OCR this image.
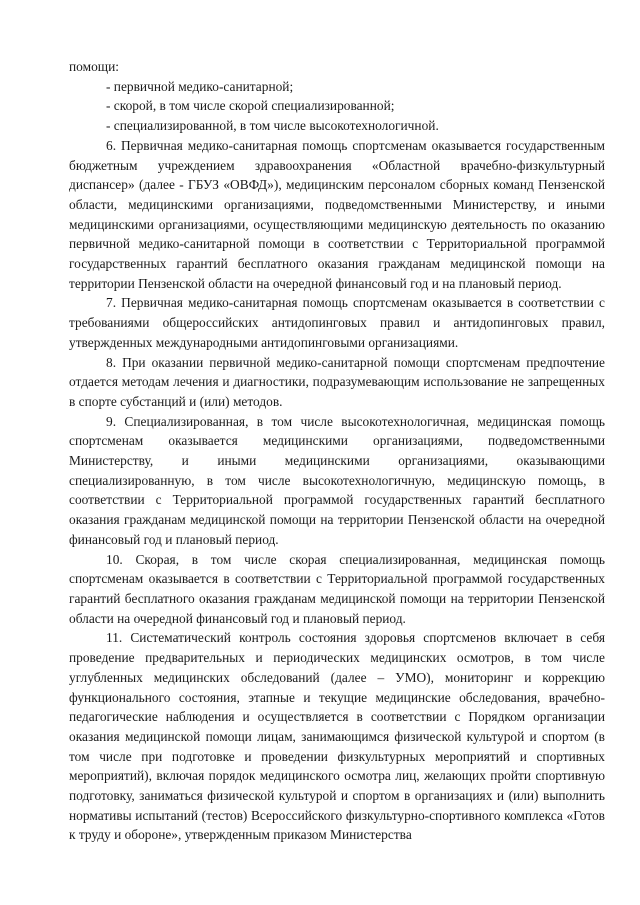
помощи:

- первичной медико-санитарной;

- скорой, в том числе скорой специализированной;

- специализированной, в том числе высокотехнологичной.

6. Первичная медико-санитарная помощь спортсменам оказывается государственным бюджетным учреждением здравоохранения «Областной врачебно-физкультурный диспансер» (далее - ГБУЗ «ОВФД»), медицинским персоналом сборных команд Пензенской области, медицинскими организациями, подведомственными Министерству, и иными медицинскими организациями, осуществляющими медицинскую деятельность по оказанию первичной медико-санитарной помощи в соответствии с Территориальной программой государственных гарантий бесплатного оказания гражданам медицинской помощи на территории Пензенской области на очередной финансовый год и на плановый период.

7. Первичная медико-санитарная помощь спортсменам оказывается в соответствии с требованиями общероссийских антидопинговых правил и антидопинговых правил, утвержденных международными антидопинговыми организациями.

8. При оказании первичной медико-санитарной помощи спортсменам предпочтение отдается методам лечения и диагностики, подразумевающим использование не запрещенных в спорте субстанций и (или) методов.

9. Специализированная, в том числе высокотехнологичная, медицинская помощь спортсменам оказывается медицинскими организациями, подведомственными Министерству, и иными медицинскими организациями, оказывающими специализированную, в том числе высокотехнологичную, медицинскую помощь, в соответствии с Территориальной программой государственных гарантий бесплатного оказания гражданам медицинской помощи на территории Пензенской области на очередной финансовый год и плановый период.

10. Скорая, в том числе скорая специализированная, медицинская помощь спортсменам оказывается в соответствии с Территориальной программой государственных гарантий бесплатного оказания гражданам медицинской помощи на территории Пензенской области на очередной финансовый год и плановый период.

11. Систематический контроль состояния здоровья спортсменов включает в себя проведение предварительных и периодических медицинских осмотров, в том числе углубленных медицинских обследований (далее – УМО), мониторинг и коррекцию функционального состояния, этапные и текущие медицинские обследования, врачебно-педагогические наблюдения и осуществляется в соответствии с Порядком организации оказания медицинской помощи лицам, занимающимся физической культурой и спортом (в том числе при подготовке и проведении физкультурных мероприятий и спортивных мероприятий), включая порядок медицинского осмотра лиц, желающих пройти спортивную подготовку, заниматься физической культурой и спортом в организациях и (или) выполнить нормативы испытаний (тестов) Всероссийского физкультурно-спортивного комплекса «Готов к труду и обороне», утвержденным приказом Министерства
